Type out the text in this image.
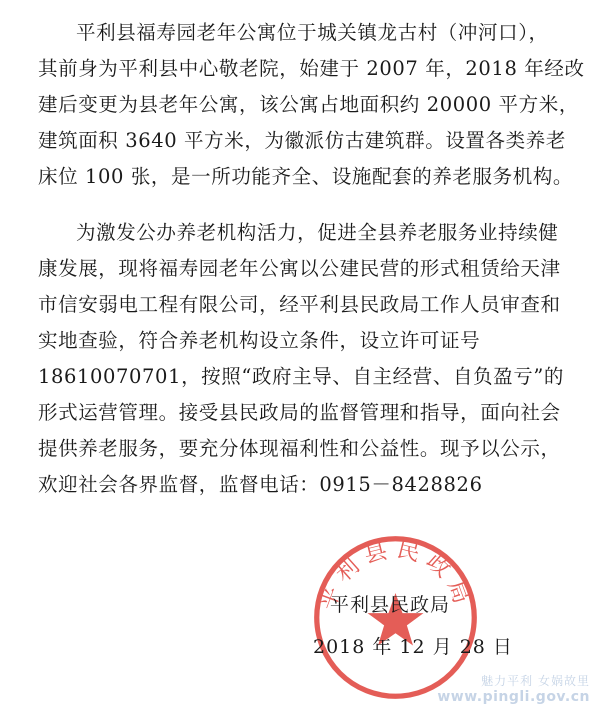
平利县福寿园老年公寓位于城关镇龙古村（冲河口），

其前身为平利县中心敬老院，始建于 2007 年，2018 年经改

建后变更为县老年公寓，该公寓占地面积约 20000 平方米，

建筑面积 3640 平方米，为徽派仿古建筑群。设置各类养老

床位 100 张，是一所功能齐全、设施配套的养老服务机构。

为激发公办养老机构活力，促进全县养老服务业持续健

康发展，现将福寿园老年公寓以公建民营的形式租赁给天津

市信安弱电工程有限公司，经平利县民政局工作人员审查和

实地查验，符合养老机构设立条件，设立许可证号

18610070701，按照“政府主导、自主经营、自负盈亏”的

形式运营管理。接受县民政局的监督管理和指导，面向社会

提供养老服务，要充分体现福利性和公益性。现予以公示，

欢迎社会各界监督，监督电话：0915－8428826

平利县民政局
平利县民政局
2018 年 12 月 28 日
魅力平利 女娲故里
www.pingli.gov.cn
